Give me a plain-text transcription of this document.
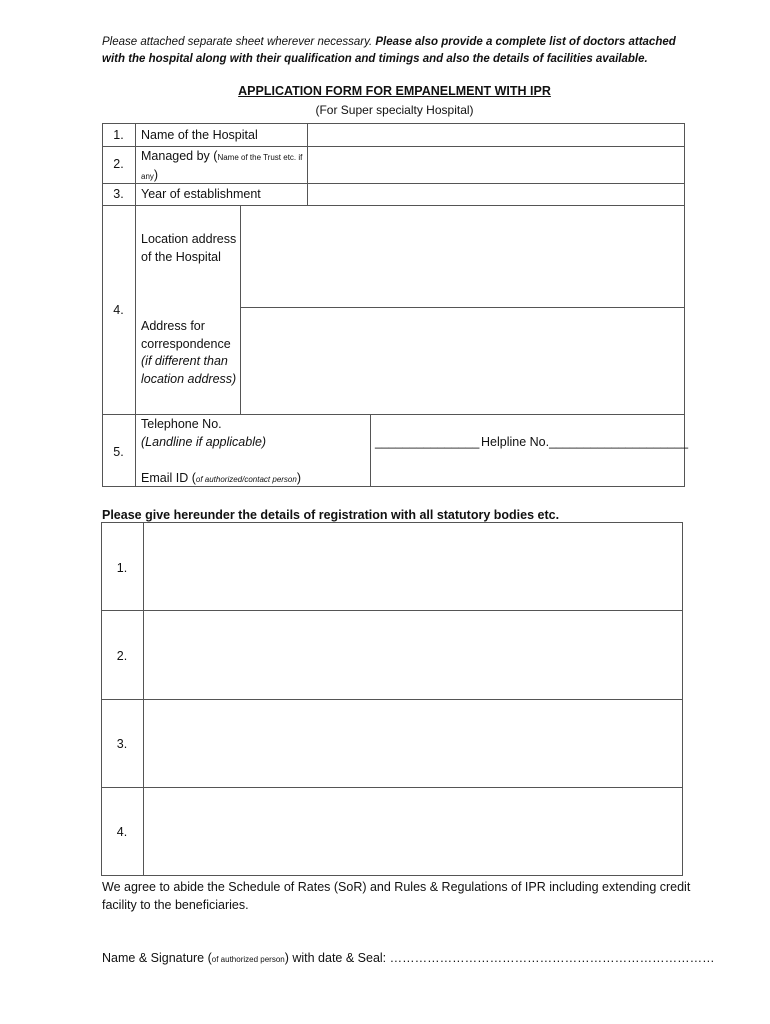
Please attached separate sheet wherever necessary. Please also provide a complete list of doctors attached with the hospital along with their qualification and timings and also the details of facilities available.
APPLICATION FORM FOR EMPANELMENT WITH IPR
(For Super specialty Hospital)
1.	Name of the Hospital
2.
Managed by (Name of the Trust etc. if any)
3.	Year of establishment
4.
Location address of the Hospital
Address for correspondence (if different than location address)
5.
Telephone No.
(Landline if applicable)
Email ID (of authorized/contact person)
_______________ Helpline No.____________________
Please give hereunder the details of registration with all statutory bodies etc.
1.
2.
3.
4.
We agree to abide the Schedule of Rates (SoR) and Rules & Regulations of IPR including extending credit facility to the beneficiaries.
Name & Signature (of authorized person) with date & Seal: ……………………………………………………………………
